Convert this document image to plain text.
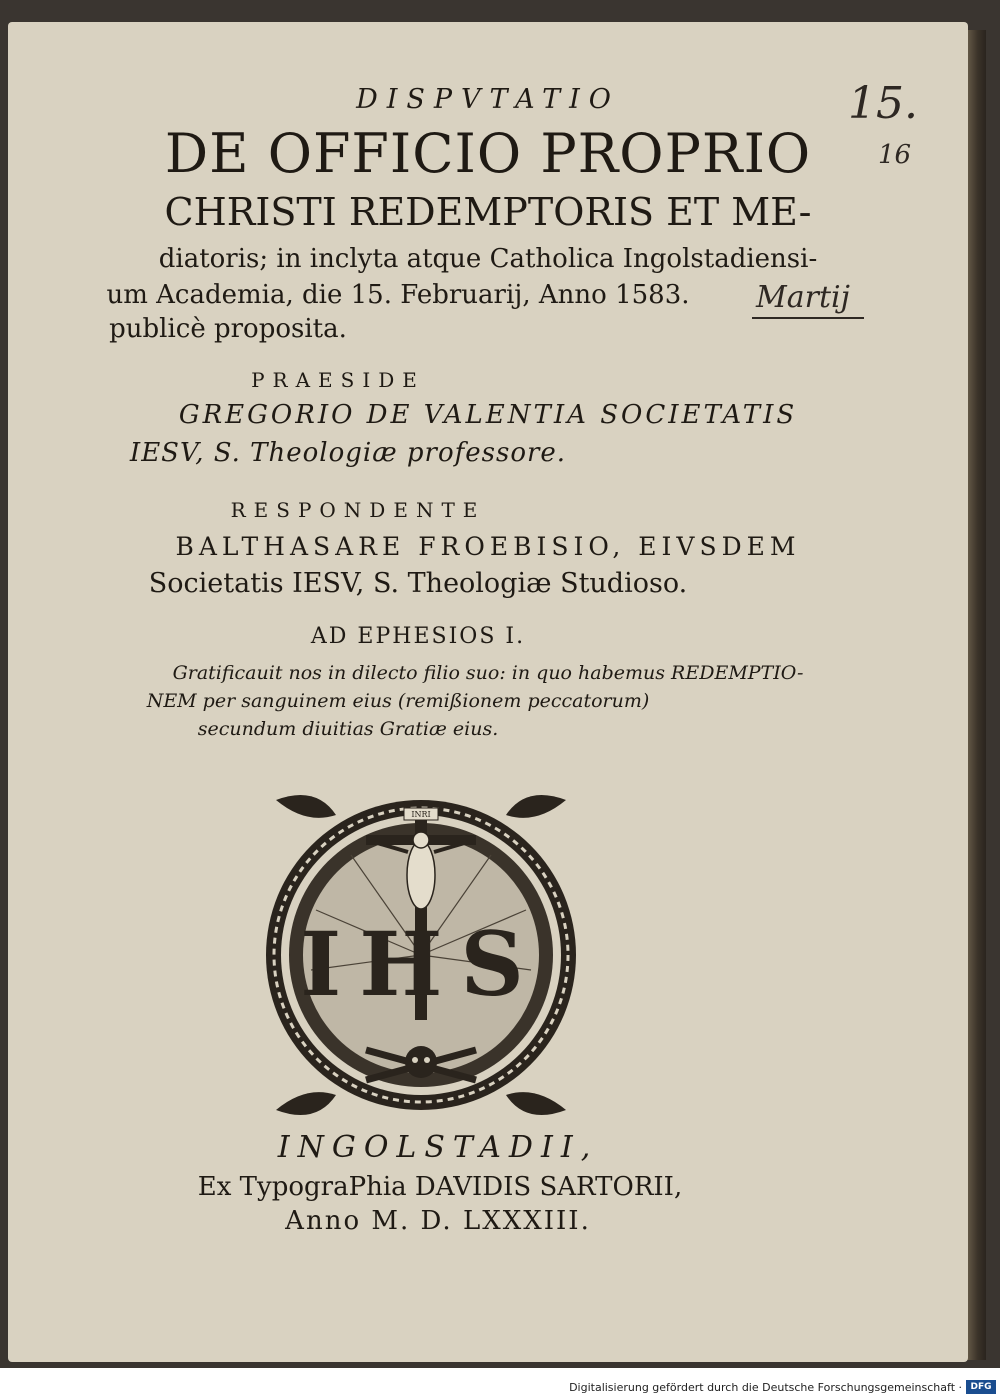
DISPVTATIO
DE OFFICIO PROPRIO
CHRISTI REDEMPTORIS ET ME-
diatoris; in inclyta atque Catholica Ingolstadiensi-
um Academia, die 15. Februarij, Anno 1583.
publicè proposita.
PRAESIDE
GREGORIO DE VALENTIA SOCIETATIS
IESV, S. Theologiæ professore.
RESPONDENTE
BALTHASARE FROEBISIO, EIVSDEM
Societatis IESV, S. Theologiæ Studioso.
AD EPHESIOS I.
Gratificauit nos in dilecto filio suo: in quo habemus REDEMPTIO-
NEM per sanguinem eius (remißionem peccatorum)
secundum diuitias Gratiæ eius.
INRI
IHS
INGOLSTADII,
Ex TypograPhia DAVIDIS SARTORII,
Anno M. D. LXXXIII.
15.
16
Martij
Digitalisierung gefördert durch die Deutsche Forschungsgemeinschaft · DFG
